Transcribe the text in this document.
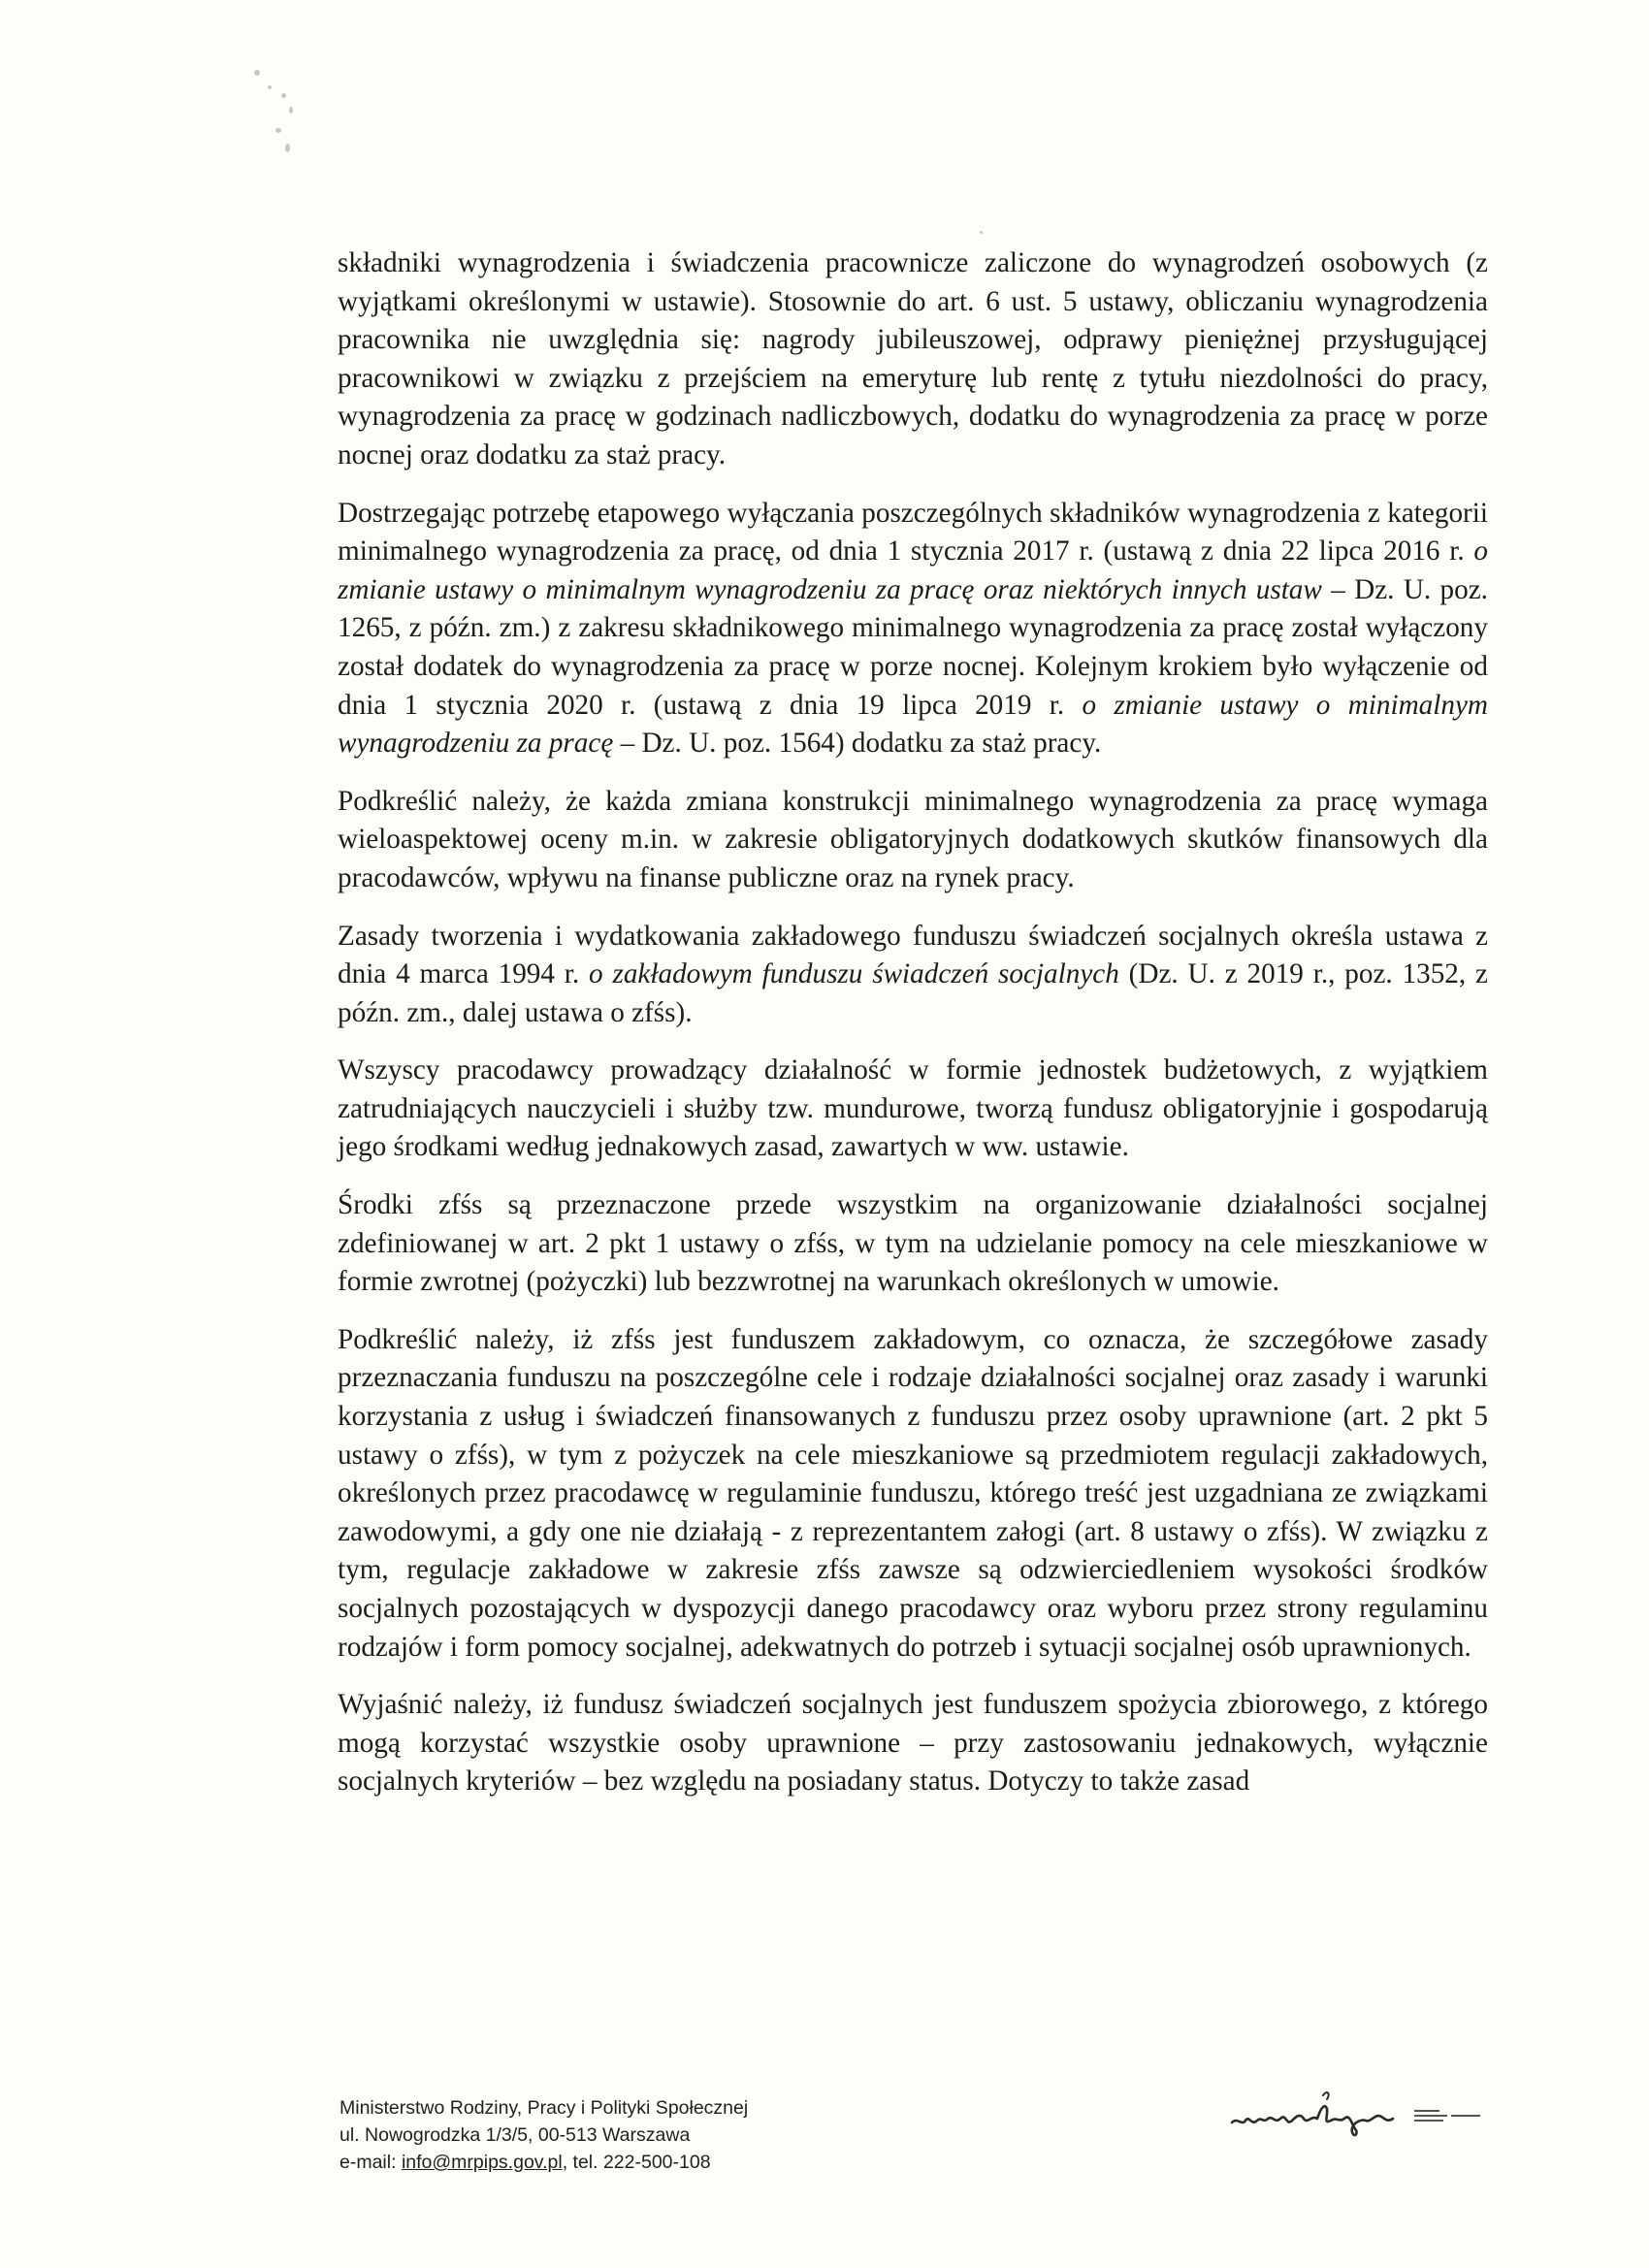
składniki wynagrodzenia i świadczenia pracownicze zaliczone do wynagrodzeń osobowych (z wyjątkami określonymi w ustawie). Stosownie do art. 6 ust. 5 ustawy, obliczaniu wynagrodzenia pracownika nie uwzględnia się: nagrody jubileuszowej, odprawy pieniężnej przysługującej pracownikowi w związku z przejściem na emeryturę lub rentę z tytułu niezdolności do pracy, wynagrodzenia za pracę w godzinach nadliczbowych, dodatku do wynagrodzenia za pracę w porze nocnej oraz dodatku za staż pracy.

Dostrzegając potrzebę etapowego wyłączania poszczególnych składników wynagrodzenia z kategorii minimalnego wynagrodzenia za pracę, od dnia 1 stycznia 2017 r. (ustawą z dnia 22 lipca 2016 r. o zmianie ustawy o minimalnym wynagrodzeniu za pracę oraz niektórych innych ustaw – Dz. U. poz. 1265, z późn. zm.) z zakresu składnikowego minimalnego wynagrodzenia za pracę został wyłączony został dodatek do wynagrodzenia za pracę w porze nocnej. Kolejnym krokiem było wyłączenie od dnia 1 stycznia 2020 r. (ustawą z dnia 19 lipca 2019 r. o zmianie ustawy o minimalnym wynagrodzeniu za pracę – Dz. U. poz. 1564) dodatku za staż pracy.

Podkreślić należy, że każda zmiana konstrukcji minimalnego wynagrodzenia za pracę wymaga wieloaspektowej oceny m.in. w zakresie obligatoryjnych dodatkowych skutków finansowych dla pracodawców, wpływu na finanse publiczne oraz na rynek pracy.

Zasady tworzenia i wydatkowania zakładowego funduszu świadczeń socjalnych określa ustawa z dnia 4 marca 1994 r. o zakładowym funduszu świadczeń socjalnych (Dz. U. z 2019 r., poz. 1352, z późn. zm., dalej ustawa o zfśs).

Wszyscy pracodawcy prowadzący działalność w formie jednostek budżetowych, z wyjątkiem zatrudniających nauczycieli i służby tzw. mundurowe, tworzą fundusz obligatoryjnie i gospodarują jego środkami według jednakowych zasad, zawartych w ww. ustawie.

Środki zfśs są przeznaczone przede wszystkim na organizowanie działalności socjalnej zdefiniowanej w art. 2 pkt 1 ustawy o zfśs, w tym na udzielanie pomocy na cele mieszkaniowe w formie zwrotnej (pożyczki) lub bezzwrotnej na warunkach określonych w umowie.

Podkreślić należy, iż zfśs jest funduszem zakładowym, co oznacza, że szczegółowe zasady przeznaczania funduszu na poszczególne cele i rodzaje działalności socjalnej oraz zasady i warunki korzystania z usług i świadczeń finansowanych z funduszu przez osoby uprawnione (art. 2 pkt 5 ustawy o zfśs), w tym z pożyczek na cele mieszkaniowe są przedmiotem regulacji zakładowych, określonych przez pracodawcę w regulaminie funduszu, którego treść jest uzgadniana ze związkami zawodowymi, a gdy one nie działają - z reprezentantem załogi (art. 8 ustawy o zfśs). W związku z tym, regulacje zakładowe w zakresie zfśs zawsze są odzwierciedleniem wysokości środków socjalnych pozostających w dyspozycji danego pracodawcy oraz wyboru przez strony regulaminu rodzajów i form pomocy socjalnej, adekwatnych do potrzeb i sytuacji socjalnej osób uprawnionych.

Wyjaśnić należy, iż fundusz świadczeń socjalnych jest funduszem spożycia zbiorowego, z którego mogą korzystać wszystkie osoby uprawnione – przy zastosowaniu jednakowych, wyłącznie socjalnych kryteriów – bez względu na posiadany status. Dotyczy to także zasad

Ministerstwo Rodziny, Pracy i Polityki Społecznej
ul. Nowogrodzka 1/3/5, 00-513 Warszawa
e-mail: info@mrpips.gov.pl, tel. 222-500-108
